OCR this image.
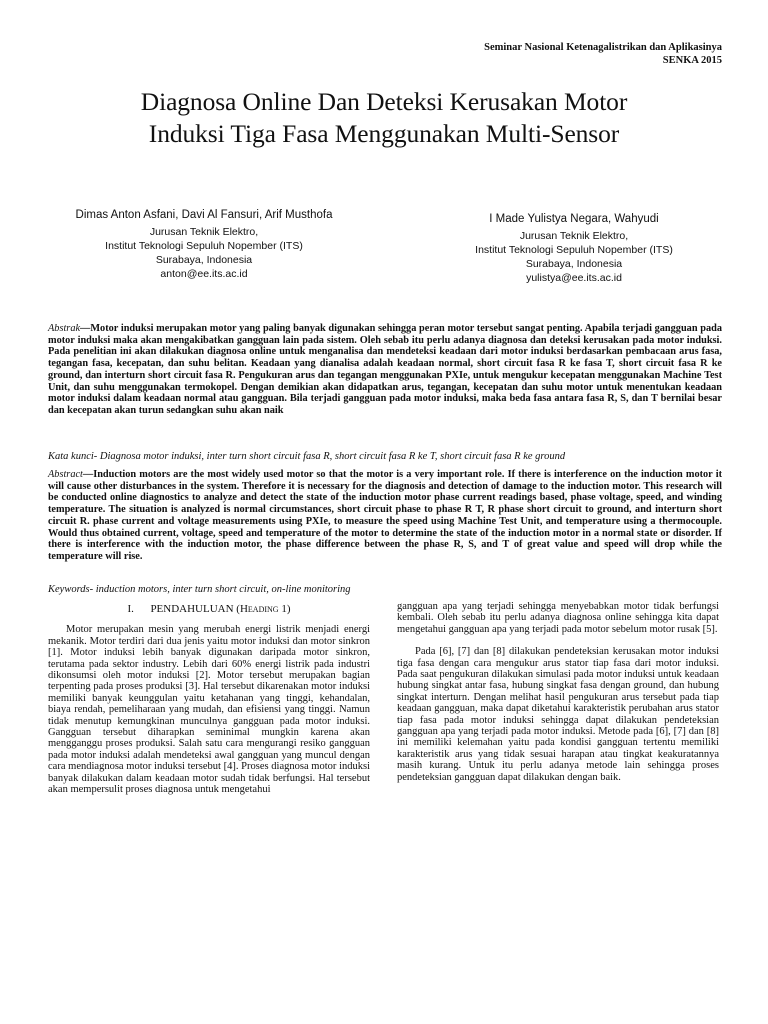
Seminar Nasional Ketenagalistrikan dan Aplikasinya
SENKA 2015
Diagnosa Online Dan Deteksi Kerusakan Motor
Induksi Tiga Fasa Menggunakan Multi-Sensor
Dimas Anton Asfani, Davi Al Fansuri, Arif Musthofa
Jurusan Teknik Elektro,
Institut Teknologi Sepuluh Nopember (ITS)
Surabaya, Indonesia
anton@ee.its.ac.id
I Made Yulistya Negara, Wahyudi
Jurusan Teknik Elektro,
Institut Teknologi Sepuluh Nopember (ITS)
Surabaya, Indonesia
yulistya@ee.its.ac.id
Abstrak—Motor induksi merupakan motor yang paling banyak digunakan sehingga peran motor tersebut sangat penting. Apabila terjadi gangguan pada motor induksi maka akan mengakibatkan gangguan lain pada sistem. Oleh sebab itu perlu adanya diagnosa dan deteksi kerusakan pada motor induksi. Pada penelitian ini akan dilakukan diagnosa online untuk menganalisa dan mendeteksi keadaan dari motor induksi berdasarkan pembacaan arus fasa, tegangan fasa, kecepatan, dan suhu belitan. Keadaan yang dianalisa adalah keadaan normal, short circuit fasa R ke fasa T, short circuit fasa R ke ground, dan interturn short circuit fasa R. Pengukuran arus dan tegangan menggunakan PXIe, untuk mengukur kecepatan menggunakan Machine Test Unit, dan suhu menggunakan termokopel. Dengan demikian akan didapatkan arus, tegangan, kecepatan dan suhu motor untuk menentukan keadaan motor induksi dalam keadaan normal atau gangguan. Bila terjadi gangguan pada motor induksi, maka beda fasa antara fasa R, S, dan T bernilai besar dan kecepatan akan turun sedangkan suhu akan naik
Kata kunci- Diagnosa motor induksi, inter turn short circuit fasa R, short circuit fasa R ke T, short circuit fasa R ke ground
Abstract—Induction motors are the most widely used motor so that the motor is a very important role. If there is interference on the induction motor it will cause other disturbances in the system. Therefore it is necessary for the diagnosis and detection of damage to the induction motor. This research will be conducted online diagnostics to analyze and detect the state of the induction motor phase current readings based, phase voltage, speed, and winding temperature. The situation is analyzed is normal circumstances, short circuit phase to phase R T, R phase short circuit to ground, and interturn short circuit R. phase current and voltage measurements using PXIe, to measure the speed using Machine Test Unit, and temperature using a thermocouple. Would thus obtained current, voltage, speed and temperature of the motor to determine the state of the induction motor in a normal state or disorder. If there is interference with the induction motor, the phase difference between the phase R, S, and T of great value and speed will drop while the temperature will rise.
Keywords- induction motors, inter turn short circuit, on-line monitoring
I. PENDAHULUAN (Heading 1)

Motor merupakan mesin yang merubah energi listrik menjadi energi mekanik. Motor terdiri dari dua jenis yaitu motor induksi dan motor sinkron [1]. Motor induksi lebih banyak digunakan daripada motor sinkron, terutama pada sektor industry. Lebih dari 60% energi listrik pada industri dikonsumsi oleh motor induksi [2]. Motor tersebut merupakan bagian terpenting pada proses produksi [3]. Hal tersebut dikarenakan motor induksi memiliki banyak keunggulan yaitu ketahanan yang tinggi, kehandalan, biaya rendah, pemeliharaan yang mudah, dan efisiensi yang tinggi. Namun tidak menutup kemungkinan munculnya gangguan pada motor induksi. Gangguan tersebut diharapkan seminimal mungkin karena akan mengganggu proses produksi. Salah satu cara mengurangi resiko gangguan pada motor induksi adalah mendeteksi awal gangguan yang muncul dengan cara mendiagnosa motor induksi tersebut [4]. Proses diagnosa motor induksi banyak dilakukan dalam keadaan motor sudah tidak berfungsi. Hal tersebut akan mempersulit proses diagnosa untuk mengetahui

gangguan apa yang terjadi sehingga menyebabkan motor tidak berfungsi kembali. Oleh sebab itu perlu adanya diagnosa online sehingga kita dapat mengetahui gangguan apa yang terjadi pada motor sebelum motor rusak [5].

Pada [6], [7] dan [8] dilakukan pendeteksian kerusakan motor induksi tiga fasa dengan cara mengukur arus stator tiap fasa dari motor induksi. Pada saat pengukuran dilakukan simulasi pada motor induksi untuk keadaan hubung singkat antar fasa, hubung singkat fasa dengan ground, dan hubung singkat interturn. Dengan melihat hasil pengukuran arus tersebut pada tiap keadaan gangguan, maka dapat diketahui karakteristik perubahan arus stator tiap fasa pada motor induksi sehingga dapat dilakukan pendeteksian gangguan apa yang terjadi pada motor induksi. Metode pada [6], [7] dan [8] ini memiliki kelemahan yaitu pada kondisi gangguan tertentu memiliki karakteristik arus yang tidak sesuai harapan atau tingkat keakuratannya masih kurang. Untuk itu perlu adanya metode lain sehingga proses pendeteksian gangguan dapat dilakukan dengan baik.
